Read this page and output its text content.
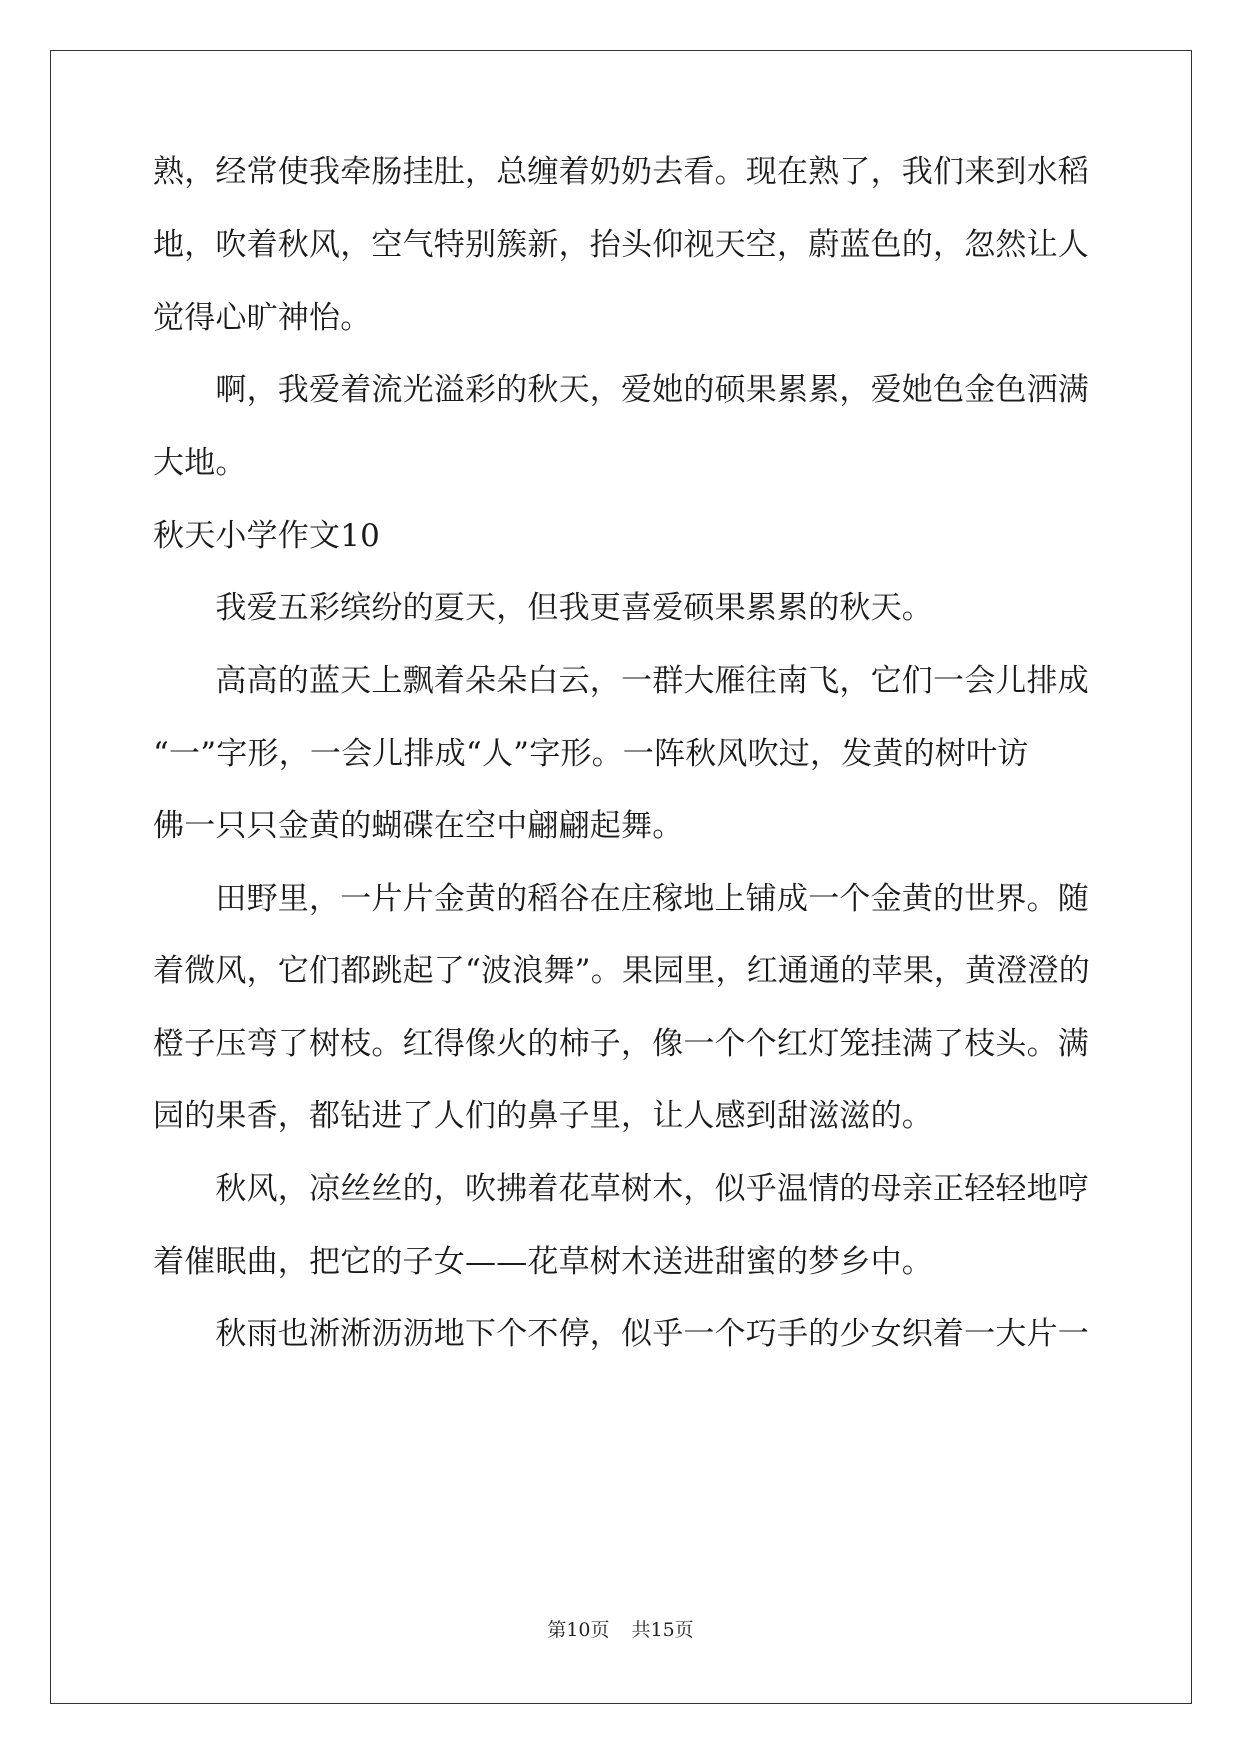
熟，经常使我牵肠挂肚，总缠着奶奶去看。现在熟了，我们来到水稻
地，吹着秋风，空气特别簇新，抬头仰视天空，蔚蓝色的，忽然让人
觉得心旷神怡。
　　啊，我爱着流光溢彩的秋天，爱她的硕果累累，爱她色金色洒满
大地。
秋天小学作文10
　　我爱五彩缤纷的夏天，但我更喜爱硕果累累的秋天。
　　高高的蓝天上飘着朵朵白云，一群大雁往南飞，它们一会儿排成
“一”字形，一会儿排成“人”字形。一阵秋风吹过，发黄的树叶访
佛一只只金黄的蝴碟在空中翩翩起舞。
　　田野里，一片片金黄的稻谷在庄稼地上铺成一个金黄的世界。随
着微风，它们都跳起了“波浪舞”。果园里，红通通的苹果，黄澄澄的
橙子压弯了树枝。红得像火的柿子，像一个个红灯笼挂满了枝头。满
园的果香，都钻进了人们的鼻子里，让人感到甜滋滋的。
　　秋风，凉丝丝的，吹拂着花草树木，似乎温情的母亲正轻轻地哼
着催眠曲，把它的子女——花草树木送进甜蜜的梦乡中。
　　秋雨也淅淅沥沥地下个不停，似乎一个巧手的少女织着一大片一
第10页 共15页
